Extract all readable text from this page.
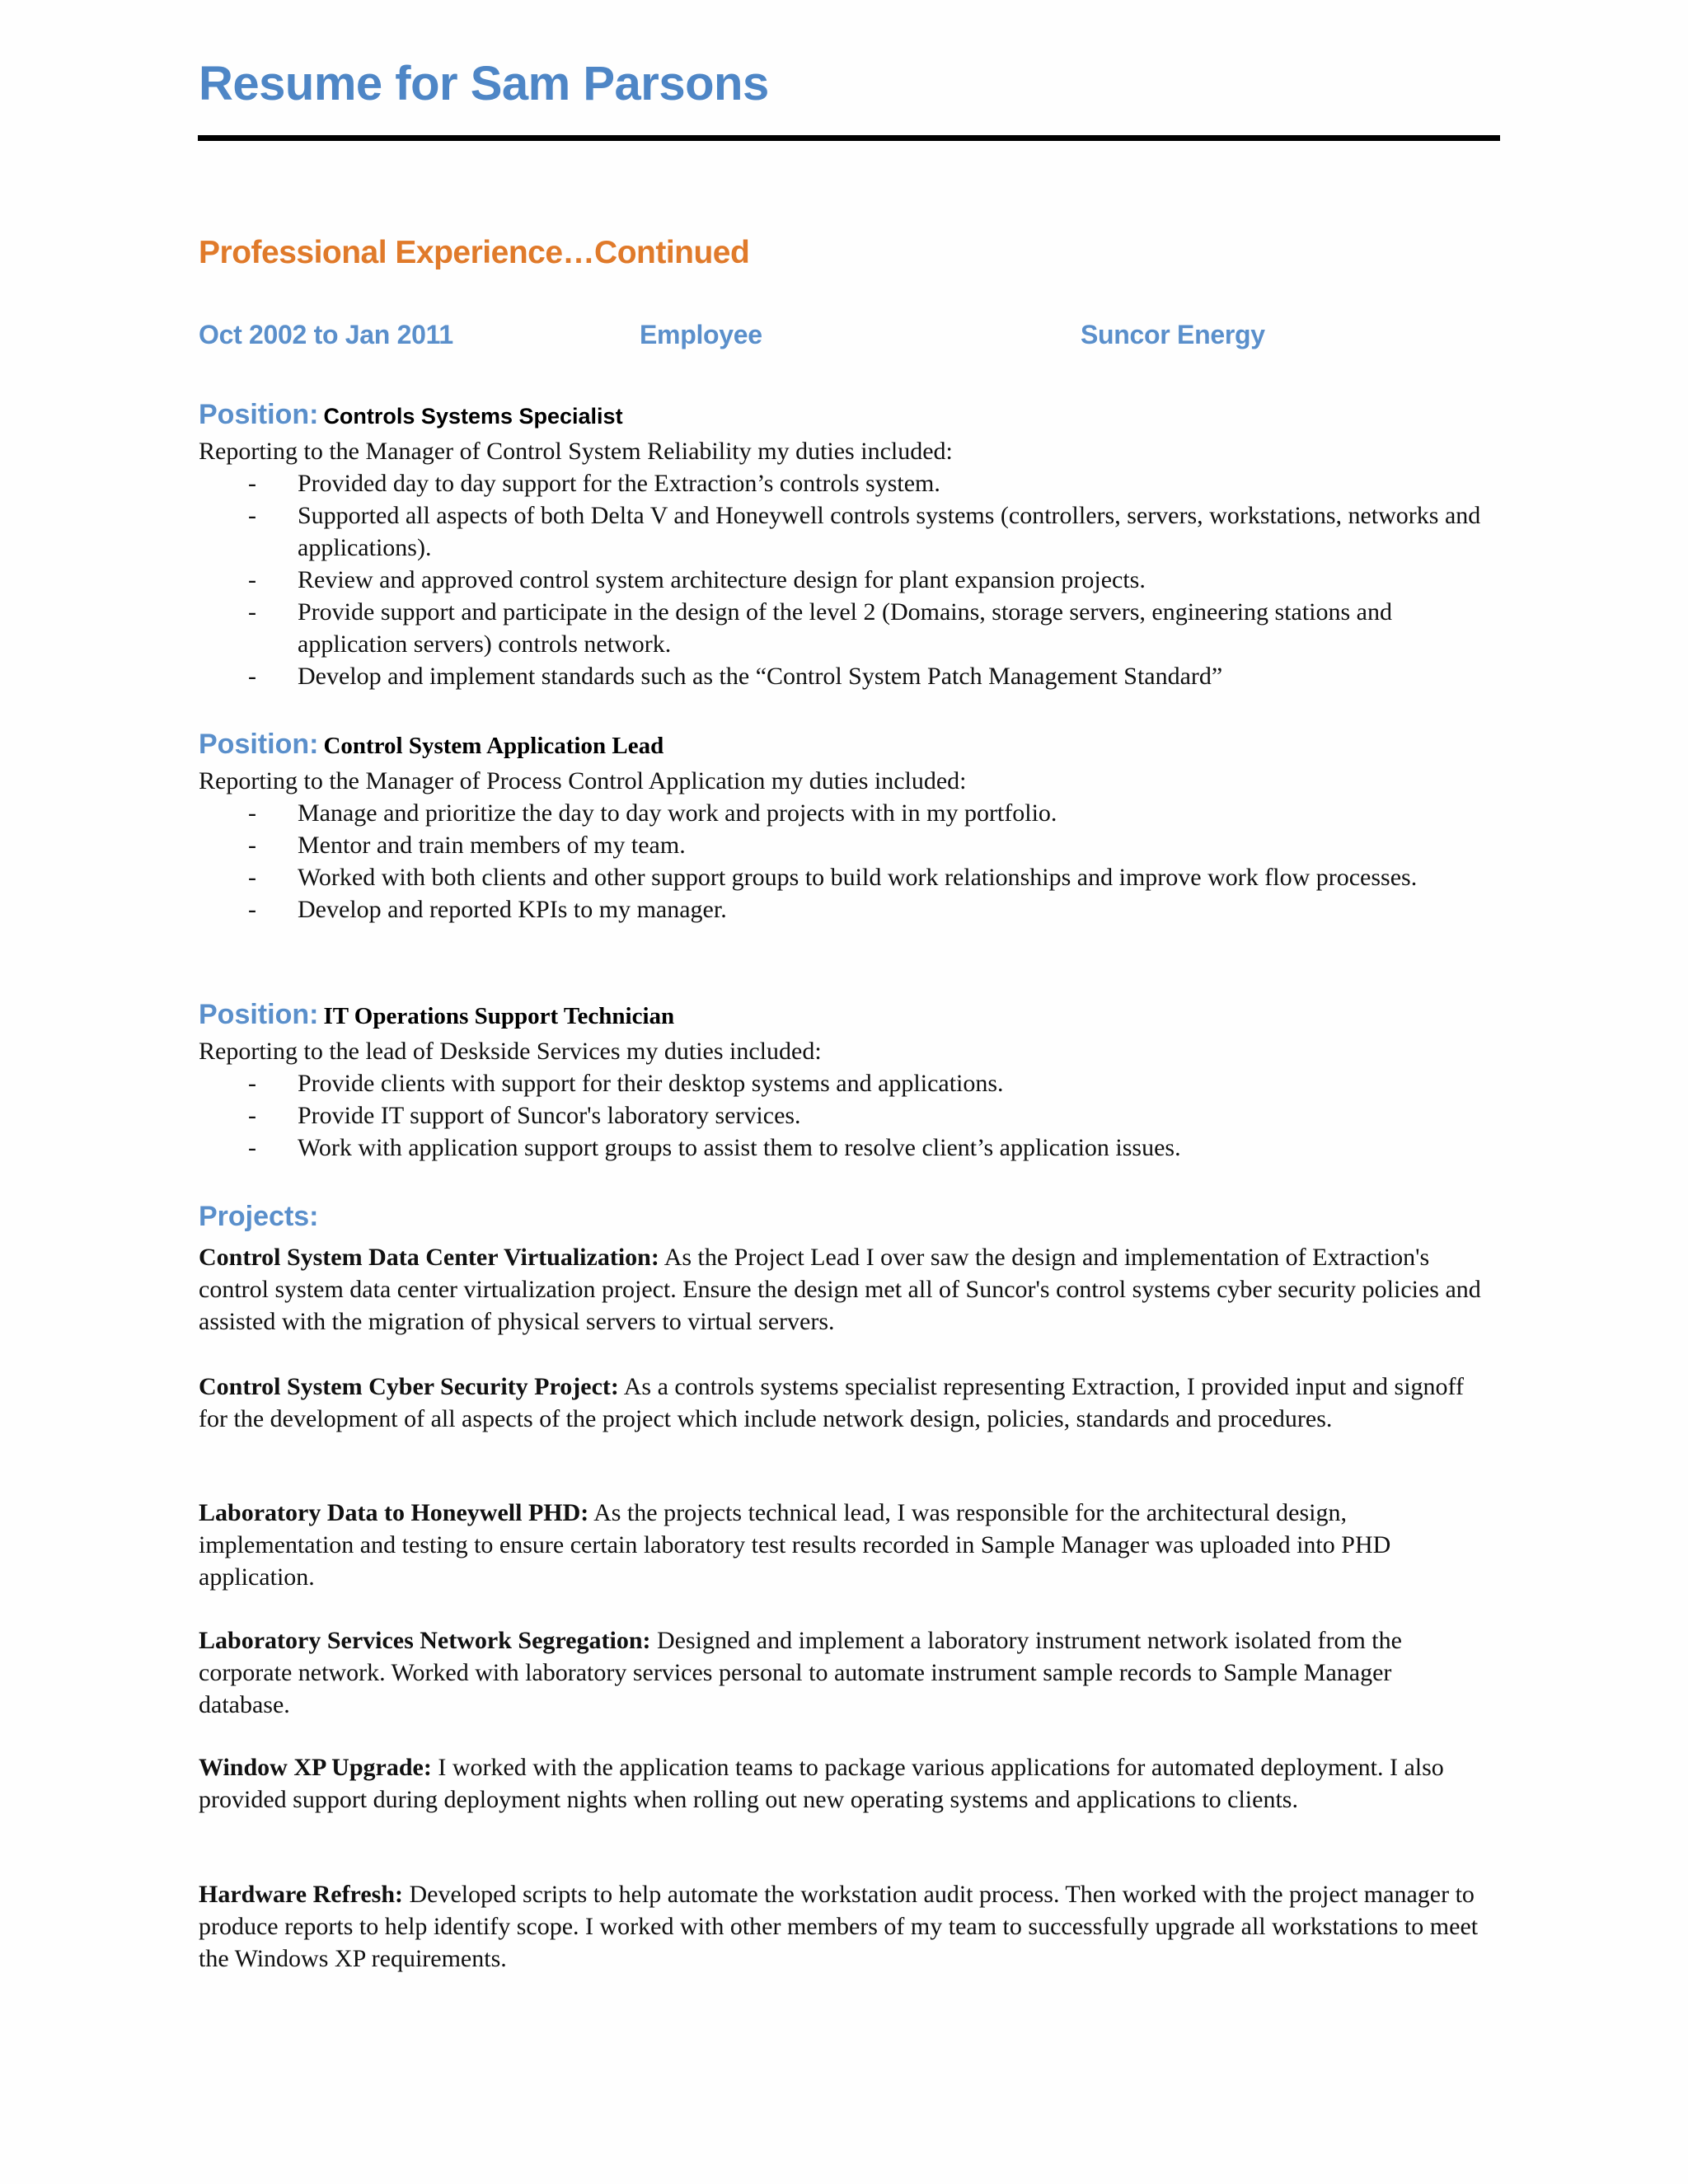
Resume for Sam Parsons
Professional Experience…Continued
Oct 2002 to Jan 2011	Employee	Suncor Energy
Position: Controls Systems Specialist
Reporting to the Manager of Control System Reliability my duties included:
- Provided day to day support for the Extraction’s controls system.
- Supported all aspects of both Delta V and Honeywell controls systems (controllers, servers, workstations, networks and applications).
- Review and approved control system architecture design for plant expansion projects.
- Provide support and participate in the design of the level 2 (Domains, storage servers, engineering stations and application servers) controls network.
- Develop and implement standards such as the “Control System Patch Management Standard”
Position: Control System Application Lead
Reporting to the Manager of Process Control Application my duties included:
- Manage and prioritize the day to day work and projects with in my portfolio.
- Mentor and train members of my team.
- Worked with both clients and other support groups to build work relationships and improve work flow processes.
- Develop and reported KPIs to my manager.
Position: IT Operations Support Technician
Reporting to the lead of Deskside Services my duties included:
- Provide clients with support for their desktop systems and applications.
- Provide IT support of Suncor's laboratory services.
- Work with application support groups to assist them to resolve client’s application issues.
Projects:
Control System Data Center Virtualization: As the Project Lead I over saw the design and implementation of Extraction's control system data center virtualization project. Ensure the design met all of Suncor's control systems cyber security policies and assisted with the migration of physical servers to virtual servers.
Control System Cyber Security Project: As a controls systems specialist representing Extraction, I provided input and signoff for the development of all aspects of the project which include network design, policies, standards and procedures.
Laboratory Data to Honeywell PHD: As the projects technical lead, I was responsible for the architectural design, implementation and testing to ensure certain laboratory test results recorded in Sample Manager was uploaded into PHD application.
Laboratory Services Network Segregation: Designed and implement a laboratory instrument network isolated from the corporate network. Worked with laboratory services personal to automate instrument sample records to Sample Manager database.
Window XP Upgrade: I worked with the application teams to package various applications for automated deployment. I also provided support during deployment nights when rolling out new operating systems and applications to clients.
Hardware Refresh: Developed scripts to help automate the workstation audit process. Then worked with the project manager to produce reports to help identify scope. I worked with other members of my team to successfully upgrade all workstations to meet the Windows XP requirements.
